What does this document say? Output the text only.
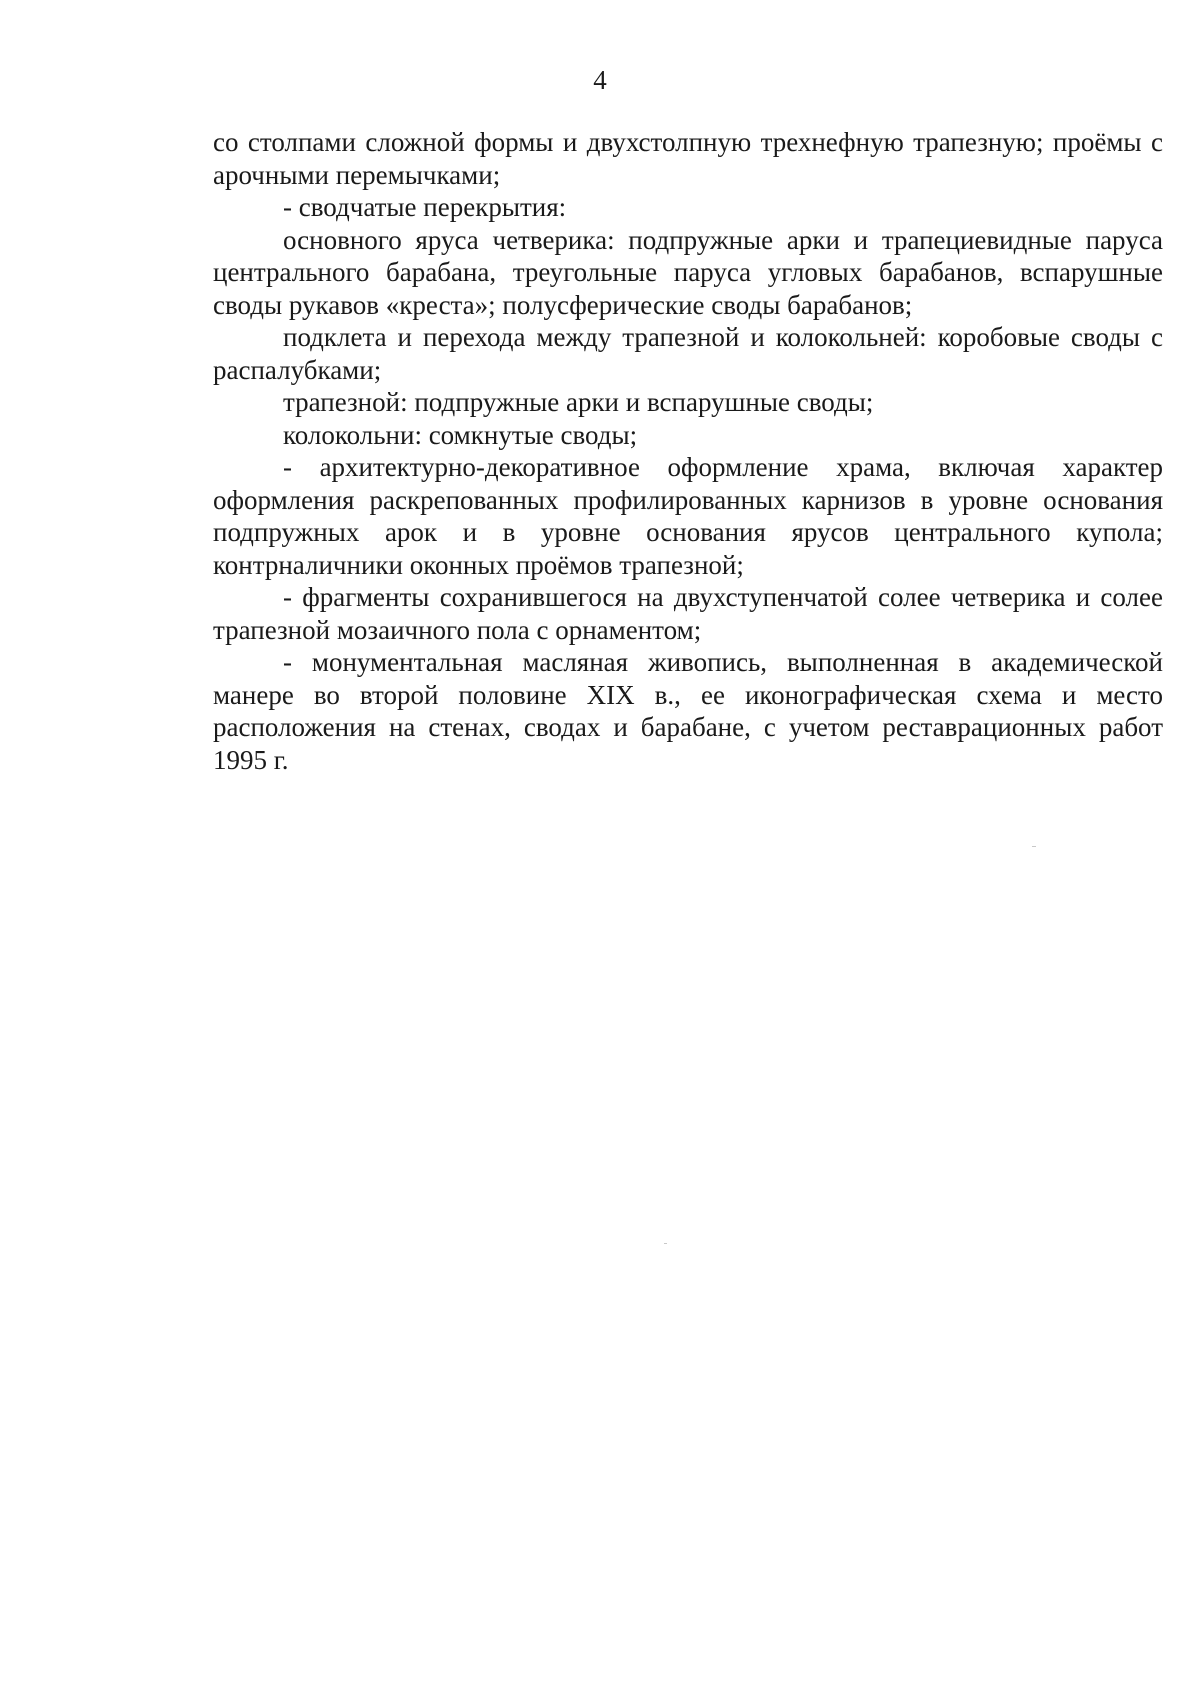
4

со столпами сложной формы и двухстолпную трехнефную трапезную; проёмы с арочными перемычками;

- сводчатые перекрытия:

основного яруса четверика: подпружные арки и трапециевидные паруса центрального барабана, треугольные паруса угловых барабанов, вспарушные своды рукавов «креста»; полусферические своды барабанов;

подклета и перехода между трапезной и колокольней: коробовые своды с распалубками;

трапезной: подпружные арки и вспарушные своды;

колокольни: сомкнутые своды;

- архитектурно-декоративное оформление храма, включая характер оформления раскрепованных профилированных карнизов в уровне основания подпружных арок и в уровне основания ярусов центрального купола; контрналичники оконных проёмов трапезной;

- фрагменты сохранившегося на двухступенчатой солее четверика и солее трапезной мозаичного пола с орнаментом;

- монументальная масляная живопись, выполненная в академической манере во второй половине XIX в., ее иконографическая схема и место расположения на стенах, сводах и барабане, с учетом реставрационных работ 1995 г.
